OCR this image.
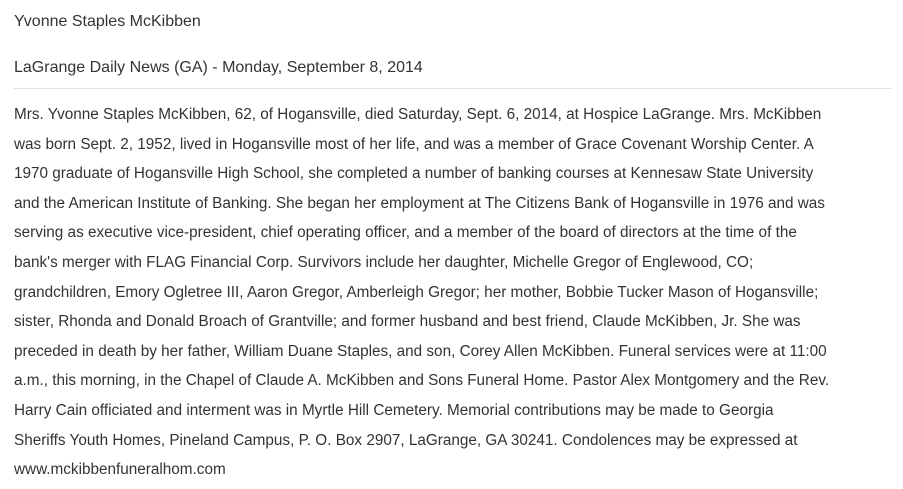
Yvonne Staples McKibben
LaGrange Daily News (GA) - Monday, September 8, 2014

Mrs. Yvonne Staples McKibben, 62, of Hogansville, died Saturday, Sept. 6, 2014, at Hospice LaGrange. Mrs. McKibben
was born Sept. 2, 1952, lived in Hogansville most of her life, and was a member of Grace Covenant Worship Center. A
1970 graduate of Hogansville High School, she completed a number of banking courses at Kennesaw State University
and the American Institute of Banking. She began her employment at The Citizens Bank of Hogansville in 1976 and was
serving as executive vice-president, chief operating officer, and a member of the board of directors at the time of the
bank's merger with FLAG Financial Corp. Survivors include her daughter, Michelle Gregor of Englewood, CO;
grandchildren, Emory Ogletree III, Aaron Gregor, Amberleigh Gregor; her mother, Bobbie Tucker Mason of Hogansville;
sister, Rhonda and Donald Broach of Grantville; and former husband and best friend, Claude McKibben, Jr. She was
preceded in death by her father, William Duane Staples, and son, Corey Allen McKibben. Funeral services were at 11:00
a.m., this morning, in the Chapel of Claude A. McKibben and Sons Funeral Home. Pastor Alex Montgomery and the Rev.
Harry Cain officiated and interment was in Myrtle Hill Cemetery. Memorial contributions may be made to Georgia
Sheriffs Youth Homes, Pineland Campus, P. O. Box 2907, LaGrange, GA 30241. Condolences may be expressed at
www.mckibbenfuneralhom.com
